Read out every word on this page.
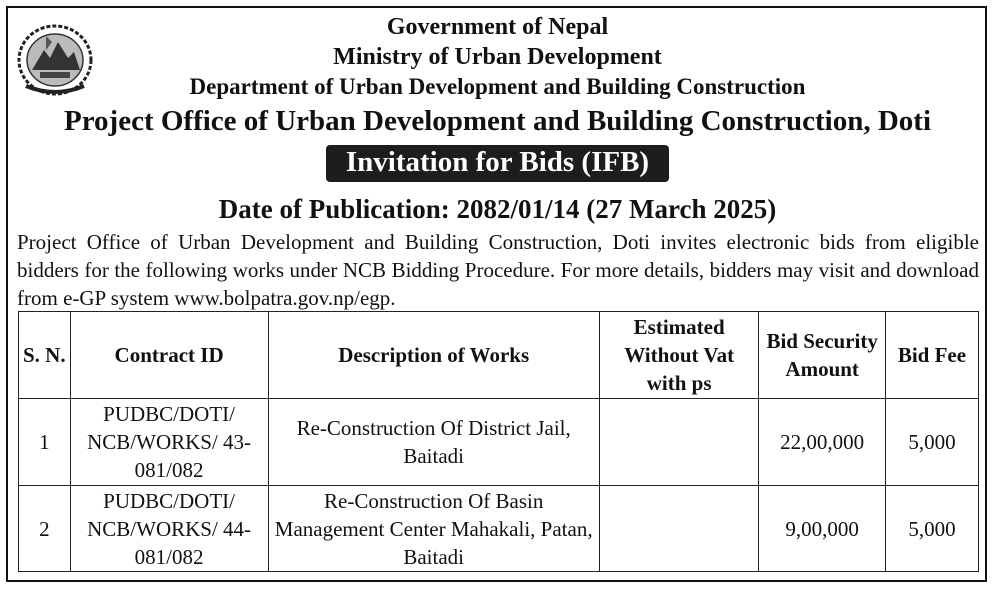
Government of Nepal
Ministry of Urban Development
Department of Urban Development and Building Construction
Project Office of Urban Development and Building Construction, Doti
Invitation for Bids (IFB)
Date of Publication: 2082/01/14 (27 March 2025)
Project Office of Urban Development and Building Construction, Doti invites electronic bids from eligible bidders for the following works under NCB Bidding Procedure. For more details, bidders may visit and download from e-GP system www.bolpatra.gov.np/egp.
S. N.	Contract ID	Description of Works	Estimated Without Vat with ps	Bid Security Amount	Bid Fee
1	PUDBC/DOTI/ NCB/WORKS/ 43-081/082	Re-Construction Of District Jail, Baitadi		22,00,000	5,000
2	PUDBC/DOTI/ NCB/WORKS/ 44-081/082	Re-Construction Of Basin Management Center Mahakali, Patan, Baitadi		9,00,000	5,000
